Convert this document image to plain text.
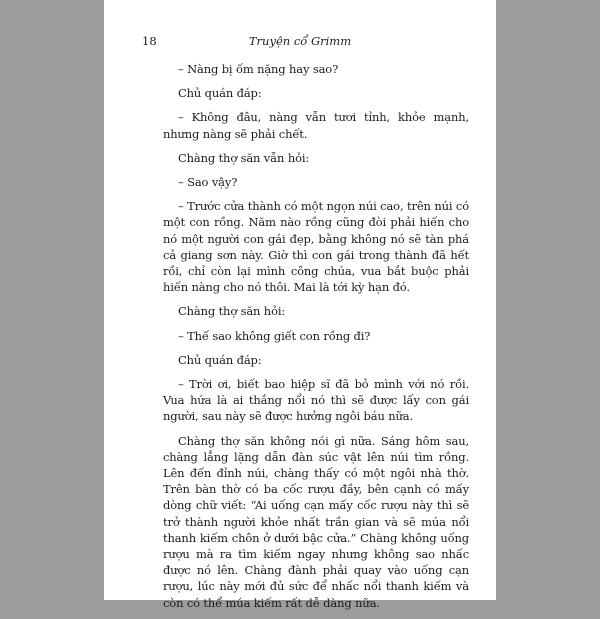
18	Truyện cổ Grimm

– Nàng bị ốm nặng hay sao?

Chủ quán đáp:

– Không đâu, nàng vẫn tươi tỉnh, khỏe mạnh, nhưng nàng sẽ phải chết.

Chàng thợ săn vẫn hỏi:

– Sao vậy?

– Trước cửa thành có một ngọn núi cao, trên núi có một con rồng. Năm nào rồng cũng đòi phải hiến cho nó một người con gái đẹp, bằng không nó sẽ tàn phá cả giang sơn này. Giờ thì con gái trong thành đã hết rồi, chỉ còn lại mình công chúa, vua bắt buộc phải hiến nàng cho nó thôi. Mai là tới kỳ hạn đó.

Chàng thợ săn hỏi:

– Thế sao không giết con rồng đi?

Chủ quán đáp:

– Trời ơi, biết bao hiệp sĩ đã bỏ mình với nó rồi. Vua hứa là ai thắng nổi nó thì sẽ được lấy con gái người, sau này sẽ được hưởng ngôi báu nữa.

Chàng thợ săn không nói gì nữa. Sáng hôm sau, chàng lẳng lặng dẫn đàn súc vật lên núi tìm rồng. Lên đến đỉnh núi, chàng thấy có một ngôi nhà thờ. Trên bàn thờ có ba cốc rượu đầy, bên cạnh có mấy dòng chữ viết: “Ai uống cạn mấy cốc rượu này thì sẽ trở thành người khỏe nhất trần gian và sẽ múa nổi thanh kiếm chôn ở dưới bậc cửa.” Chàng không uống rượu mà ra tìm kiếm ngay nhưng không sao nhấc được nó lên. Chàng đành phải quay vào uống cạn rượu, lúc này mới đủ sức để nhấc nổi thanh kiếm và còn có thể múa kiếm rất dễ dàng nữa.
